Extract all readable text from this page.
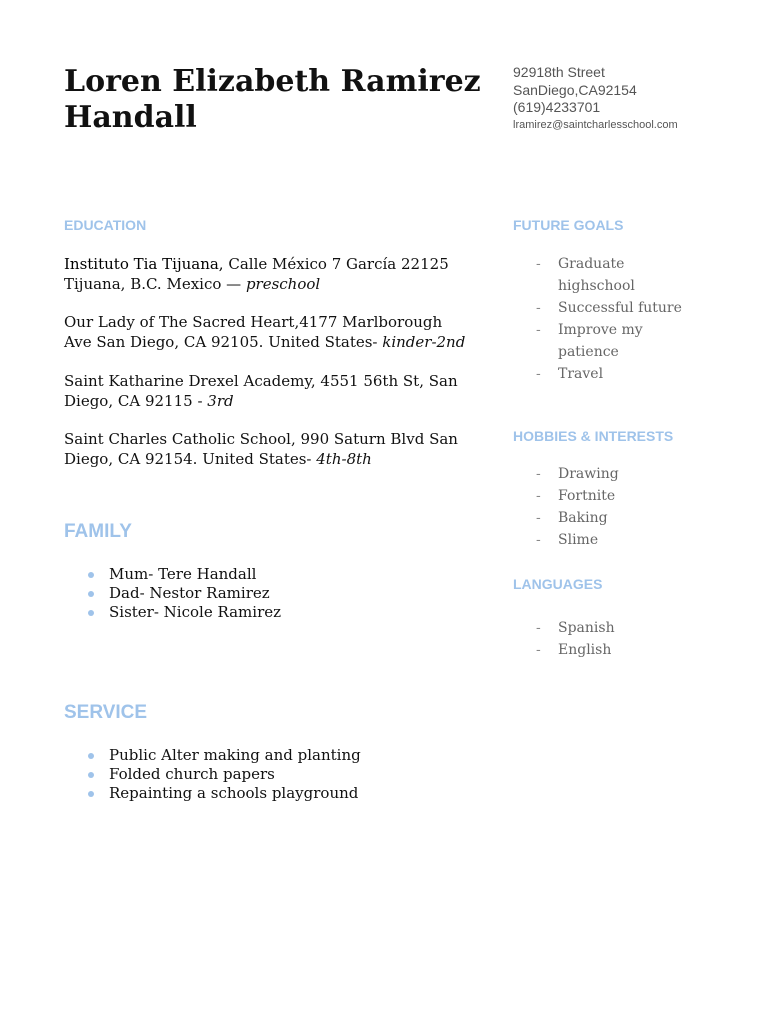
Loren Elizabeth Ramirez Handall
92918th Street
SanDiego,CA92154
(619)4233701
lramirez@saintcharlesschool.com
EDUCATION

Instituto Tia Tijuana, Calle México 7 García 22125 Tijuana, B.C. Mexico — preschool

Our Lady of The Sacred Heart,4177 Marlborough Ave San Diego, CA 92105. United States- kinder-2nd

Saint Katharine Drexel Academy, 4551 56th St, San Diego, CA 92115 - 3rd

Saint Charles Catholic School, 990 Saturn Blvd San Diego, CA 92154. United States- 4th-8th

FAMILY
Mum- Tere Handall
Dad- Nestor Ramirez
Sister- Nicole Ramirez
SERVICE
Public Alter making and planting
Folded church papers
Repainting a schools playground
FUTURE GOALS
- Graduate highschool
- Successful future
- Improve my patience
- Travel
HOBBIES & INTERESTS
- Drawing
- Fortnite
- Baking
- Slime
LANGUAGES
- Spanish
- English
